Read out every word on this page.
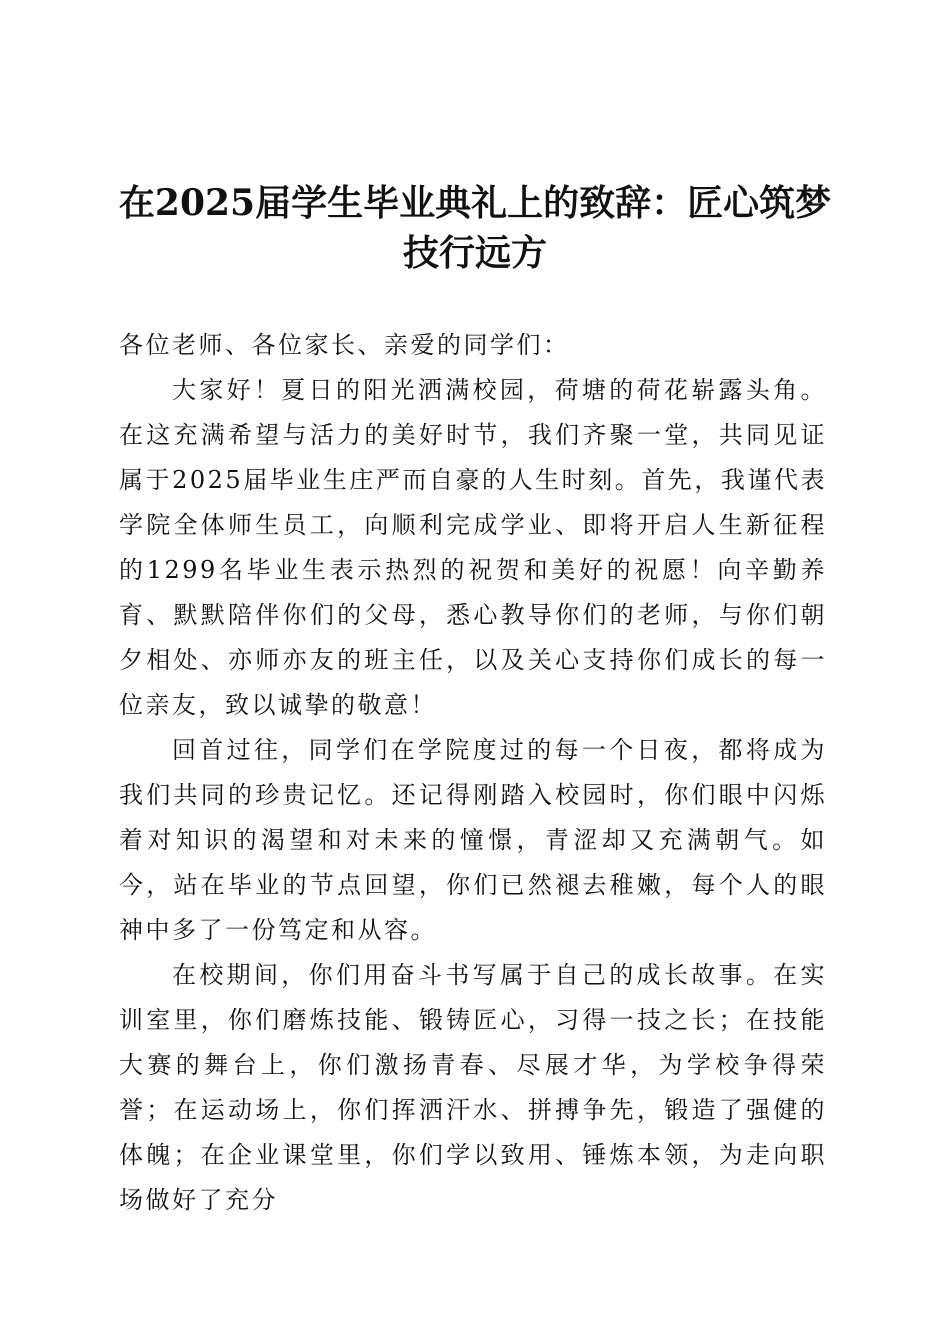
在2025届学生毕业典礼上的致辞：匠心筑梦
技行远方

各位老师、各位家长、亲爱的同学们：

大家好！夏日的阳光洒满校园，荷塘的荷花崭露头角。在这充满希望与活力的美好时节，我们齐聚一堂，共同见证属于2025届毕业生庄严而自豪的人生时刻。首先，我谨代表学院全体师生员工，向顺利完成学业、即将开启人生新征程的1299名毕业生表示热烈的祝贺和美好的祝愿！向辛勤养育、默默陪伴你们的父母，悉心教导你们的老师，与你们朝夕相处、亦师亦友的班主任，以及关心支持你们成长的每一位亲友，致以诚挚的敬意！

回首过往，同学们在学院度过的每一个日夜，都将成为我们共同的珍贵记忆。还记得刚踏入校园时，你们眼中闪烁着对知识的渴望和对未来的憧憬，青涩却又充满朝气。如今，站在毕业的节点回望，你们已然褪去稚嫩，每个人的眼神中多了一份笃定和从容。

在校期间，你们用奋斗书写属于自己的成长故事。在实训室里，你们磨炼技能、锻铸匠心，习得一技之长；在技能大赛的舞台上，你们激扬青春、尽展才华，为学校争得荣誉；在运动场上，你们挥洒汗水、拼搏争先，锻造了强健的体魄；在企业课堂里，你们学以致用、锤炼本领，为走向职场做好了充分
